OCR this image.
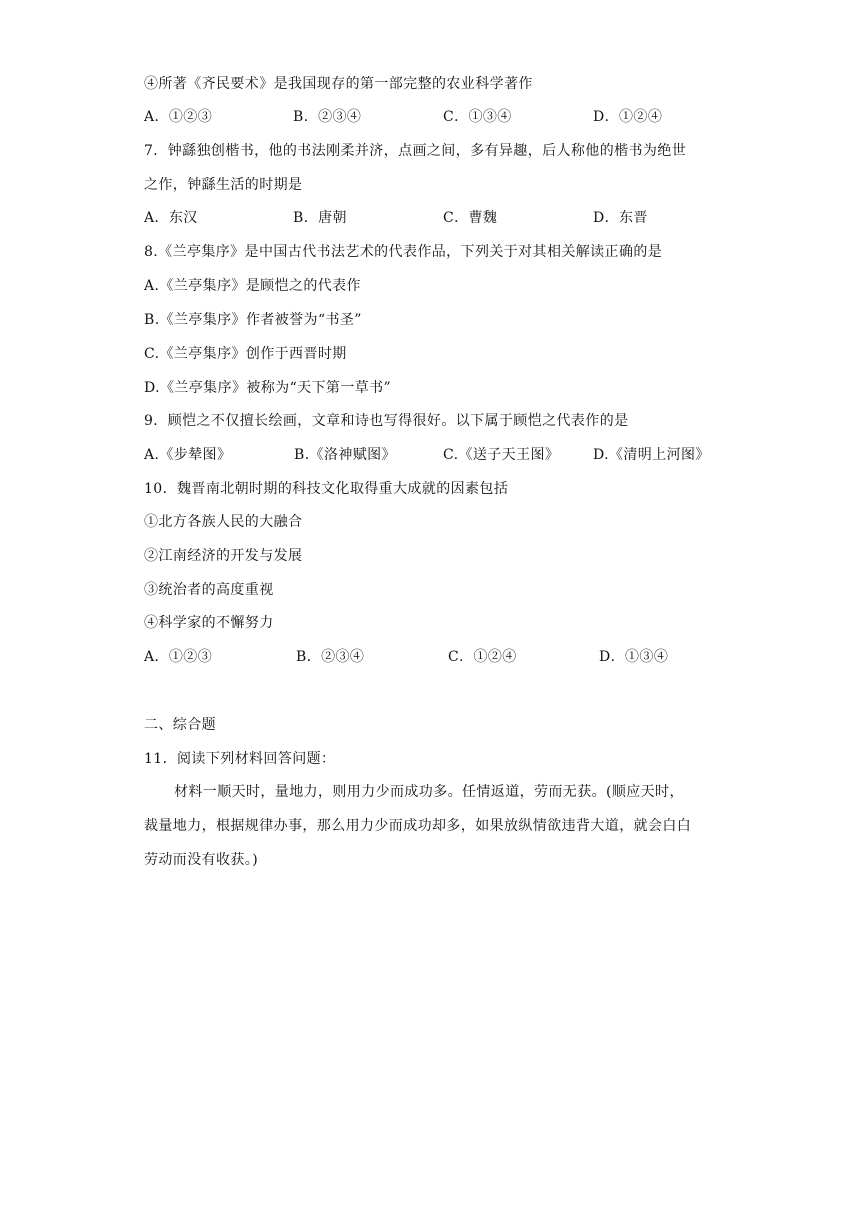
④所著《齐民要术》是我国现存的第一部完整的农业科学著作
A．①②③	B．②③④	C．①③④	D．①②④
7．钟繇独创楷书，他的书法刚柔并济，点画之间，多有异趣，后人称他的楷书为绝世
之作，钟繇生活的时期是
A．东汉	B．唐朝	C．曹魏	D．东晋
8.《兰亭集序》是中国古代书法艺术的代表作品，下列关于对其相关解读正确的是
A.《兰亭集序》是顾恺之的代表作
B.《兰亭集序》作者被誉为“书圣”
C.《兰亭集序》创作于西晋时期
D.《兰亭集序》被称为“天下第一草书”
9．顾恺之不仅擅长绘画，文章和诗也写得很好。以下属于顾恺之代表作的是
A.《步辇图》	B.《洛神赋图》	C.《送子天王图》 D.《清明上河图》
10．魏晋南北朝时期的科技文化取得重大成就的因素包括
①北方各族人民的大融合
②江南经济的开发与发展
③统治者的高度重视
④科学家的不懈努力
A．①②③	B．②③④	C．①②④	D．①③④
二、综合题
11．阅读下列材料回答问题：
材料一顺天时，量地力，则用力少而成功多。任情返道，劳而无获。(顺应天时，
裁量地力，根据规律办事，那么用力少而成功却多，如果放纵情欲违背大道，就会白白
劳动而没有收获。)
